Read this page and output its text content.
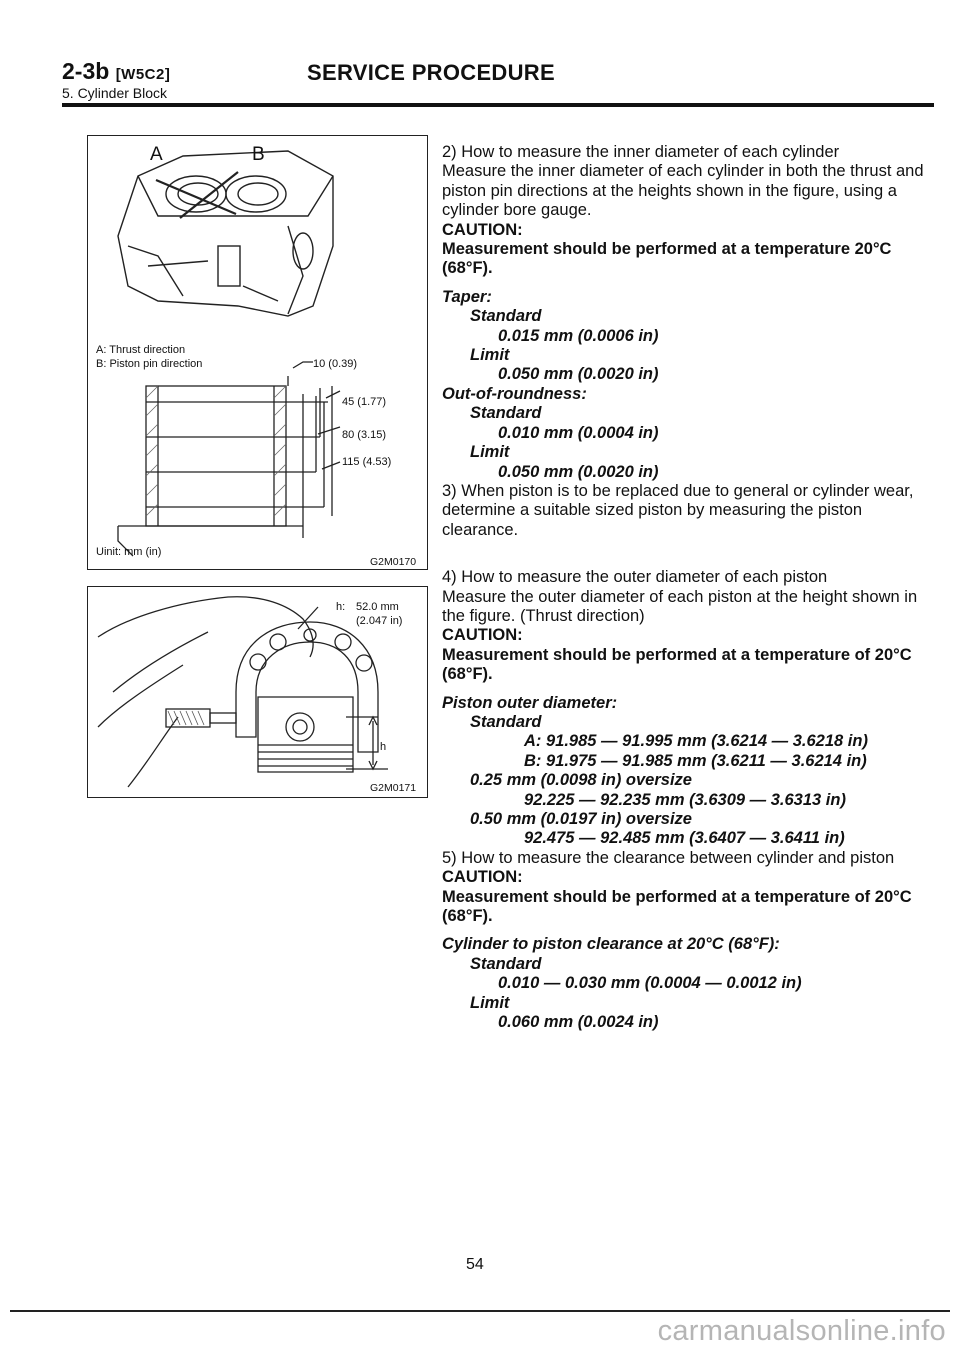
2-3b [W5C2]
5. Cylinder Block
SERVICE PROCEDURE
A	B
A: Thrust direction
B: Piston pin direction	10 (0.39)
45 (1.77)
80 (3.15)
115 (4.53)
Uinit: mm (in)
G2M0170
h: 52.0 mm
(2.047 in)
h
G2M0171

2) How to measure the inner diameter of each cylinder

Measure the inner diameter of each cylinder in both the thrust and piston pin directions at the heights shown in the figure, using a cylinder bore gauge.

CAUTION:

Measurement should be performed at a temperature 20°C (68°F).

Taper:

Standard

0.015 mm (0.0006 in)

Limit

0.050 mm (0.0020 in)

Out-of-roundness:

Standard

0.010 mm (0.0004 in)

Limit

0.050 mm (0.0020 in)

3) When piston is to be replaced due to general or cylinder wear, determine a suitable sized piston by measuring the piston clearance.

4) How to measure the outer diameter of each piston

Measure the outer diameter of each piston at the height shown in the figure. (Thrust direction)

CAUTION:

Measurement should be performed at a temperature of 20°C (68°F).

Piston outer diameter:

Standard

A: 91.985 — 91.995 mm (3.6214 — 3.6218 in)

B: 91.975 — 91.985 mm (3.6211 — 3.6214 in)

0.25 mm (0.0098 in) oversize

92.225 — 92.235 mm (3.6309 — 3.6313 in)

0.50 mm (0.0197 in) oversize

92.475 — 92.485 mm (3.6407 — 3.6411 in)

5) How to measure the clearance between cylinder and piston

CAUTION:

Measurement should be performed at a temperature of 20°C (68°F).

Cylinder to piston clearance at 20°C (68°F):

Standard

0.010 — 0.030 mm (0.0004 — 0.0012 in)

Limit

0.060 mm (0.0024 in)

54
carmanualsonline.info
